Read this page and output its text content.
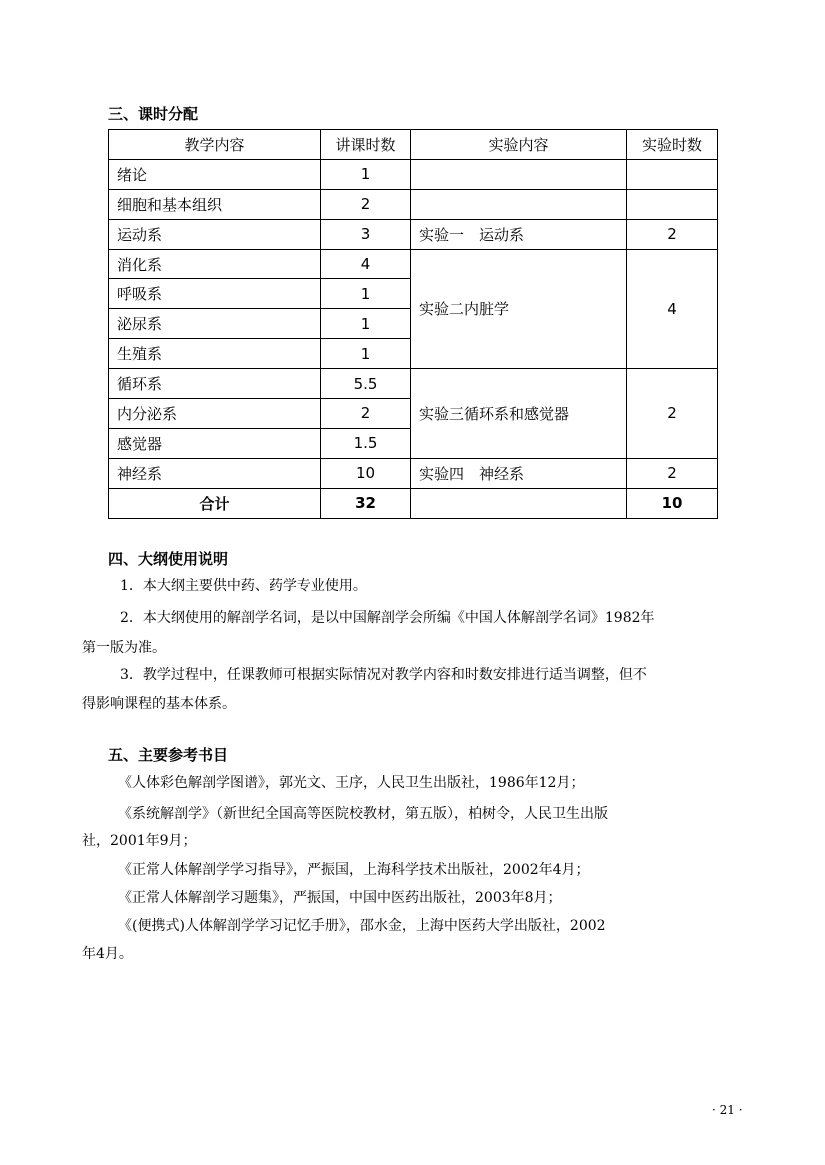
三、课时分配
教学内容	讲课时数	实验内容	实验时数
绪论	1		
细胞和基本组织	2		
运动系	3	实验一　运动系	2
消化系	4	实验二内脏学	4
呼吸系	1		
泌尿系	1		
生殖系	1		
循环系	5.5	实验三循环系和感觉器	2
内分泌系	2		
感觉器	1.5		
神经系	10	实验四　神经系	2
合计	32		10
四、大纲使用说明

1．本大纲主要供中药、药学专业使用。

2．本大纲使用的解剖学名词，是以中国解剖学会所编《中国人体解剖学名词》1982年

第一版为准。

3．教学过程中，任课教师可根据实际情况对教学内容和时数安排进行适当调整，但不

得影响课程的基本体系。

五、主要参考书目

《人体彩色解剖学图谱》，郭光文、王序，人民卫生出版社，1986年12月；

《系统解剖学》（新世纪全国高等医院校教材，第五版），柏树令，人民卫生出版

社，2001年9月；

《正常人体解剖学学习指导》，严振国，上海科学技术出版社，2002年4月；

《正常人体解剖学习题集》，严振国，中国中医药出版社，2003年8月；

《(便携式)人体解剖学学习记忆手册》，邵水金，上海中医药大学出版社，2002

年4月。

· 21 ·
